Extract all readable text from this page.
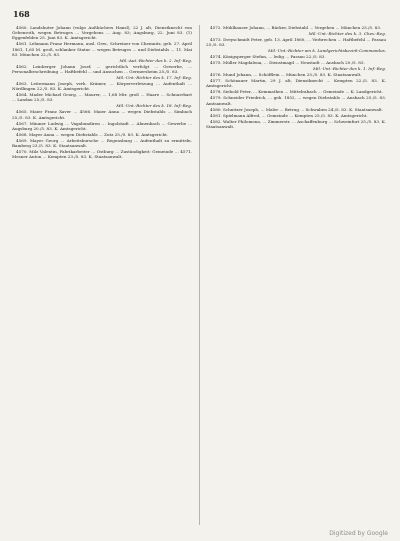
168

4560. Landshuter Johann (vulgo Außhüchers Hansl), 22 J. alt, Dienstknecht von Gebenroth, wegen Betruges ... Vergehens ... Aug. 83; Augsburg, 22. Juni 83. (1) Eggenfelden 25. Juni 83. K. Amtsgericht.

4561. Lehmann Franz Hermann, ausl. Gew., Schreiner von Chemnitz, geb. 27. April 1861, 1,65 M. groß, schlanker Statur ... wegen Betruges ... und Diebstahls ... 11. Mai 83. München 22./5. 83.

Mil.-Aut.-Richter des k. 2. Inf.-Reg.

4562. Leinberger Johann Josef, ... gerichtlich verfolgt ... Gewerbe, ... Personalbeschreibung ... Haftbefehl ... und Ansuchen ... Germersheim 25./5. 83.

Mil.-Unt.-Richter des k. 17. Inf.-Reg.

4563. Leitermann Joseph, verh. Krämer, ... Körperverletzung ... Aufenthalt ... Nördlingen 22./5. 83. K. Amtsgericht.

4564. Mader Michael Georg, ... Maurer, ... 1,68 Mtr. groß ... Haare ... Schnurrbart ... Landau 25./5. 83.

Mil.-Unt.-Richter des k. 18. Inf.-Reg.

4565. Maier Franz Xaver ... 4566. Maier Anna ... wegen Diebstahls ... Simbach 25./5. 83. K. Amtsgericht.

4567. Mäuner Ludwig ... Vagabundiren ... Ingolstadt ... Ahnenbach ... Gewerbe ... Augsburg 20./5. 83. K. Amtsgericht.

4568. Mayer Anna ... wegen Diebstahls ... Zutz 25./5. 83. K. Amtsgericht.

4569. Mayer Georg ... Arbeitsbursche ... Regensburg ... Aufenthalt zu ermitteln. Bamberg 23./5. 83. K. Staatsanwalt.

4570. Milz Valentin, Fabrikarbeiter ... Ostburg ... Zuständigkeit: Gemeinde ... 4571. Mesner Anton ... Kempten 23./5. 83. K. Staatsanwalt.

4572. Mühlhauser Johann, ... Bäcker, Diebstahl ... Vergehen ... München 25./5. 83.

Mil.-Unt.-Richter des k. 3. Chev.-Reg.

4573. Dreyschmidt Peter, geb. 13. April 1860, ... Verbrechen ... Haftbefehl ... Passau 25./5. 83.

Mil.-Unt.-Richter am k. Landgerichtsbezirk-Commandos.

4574. Königsperger Stefan, ... ledig ... Passau 22./5. 83.

4575. Müller Magdalena, ... Dienstmagd ... Neustadt ... Ansbach 20./5. 83.

Mil.-Unt.-Richter des k. 1. Inf.-Reg.

4576. Mund Johann, ... Schöfflein ... München 25./5. 83. K. Staatsanwalt.

4577. Schönauer Martin, 29 J. alt, Dienstknecht ... Kempten 22./5. 83. K. Amtsgericht.

4578. Siebold Peter, ... Kemmathen ... Mittelrabach ... Gemeinde ... K. Landgericht.

4579. Schneider Friedrich, ... geb. 1852, ... wegen Diebstahls ... Ansbach 25./5. 83. Amtsanwalt.

4580. Schnitzer Joseph, ... Maler ... Betrug ... Schwaben 24./5. 83. K. Staatsanwalt.

4581. Spielmann Alfred, ... Gemeinde ... Kempten 25./5. 83. K. Amtsgericht.

4582. Walter Philomena, ... Zimmerstr. ... Aschaffenburg ... Schweinfurt 25./5. 83. K. Staatsanwalt.

Digitized by Google
